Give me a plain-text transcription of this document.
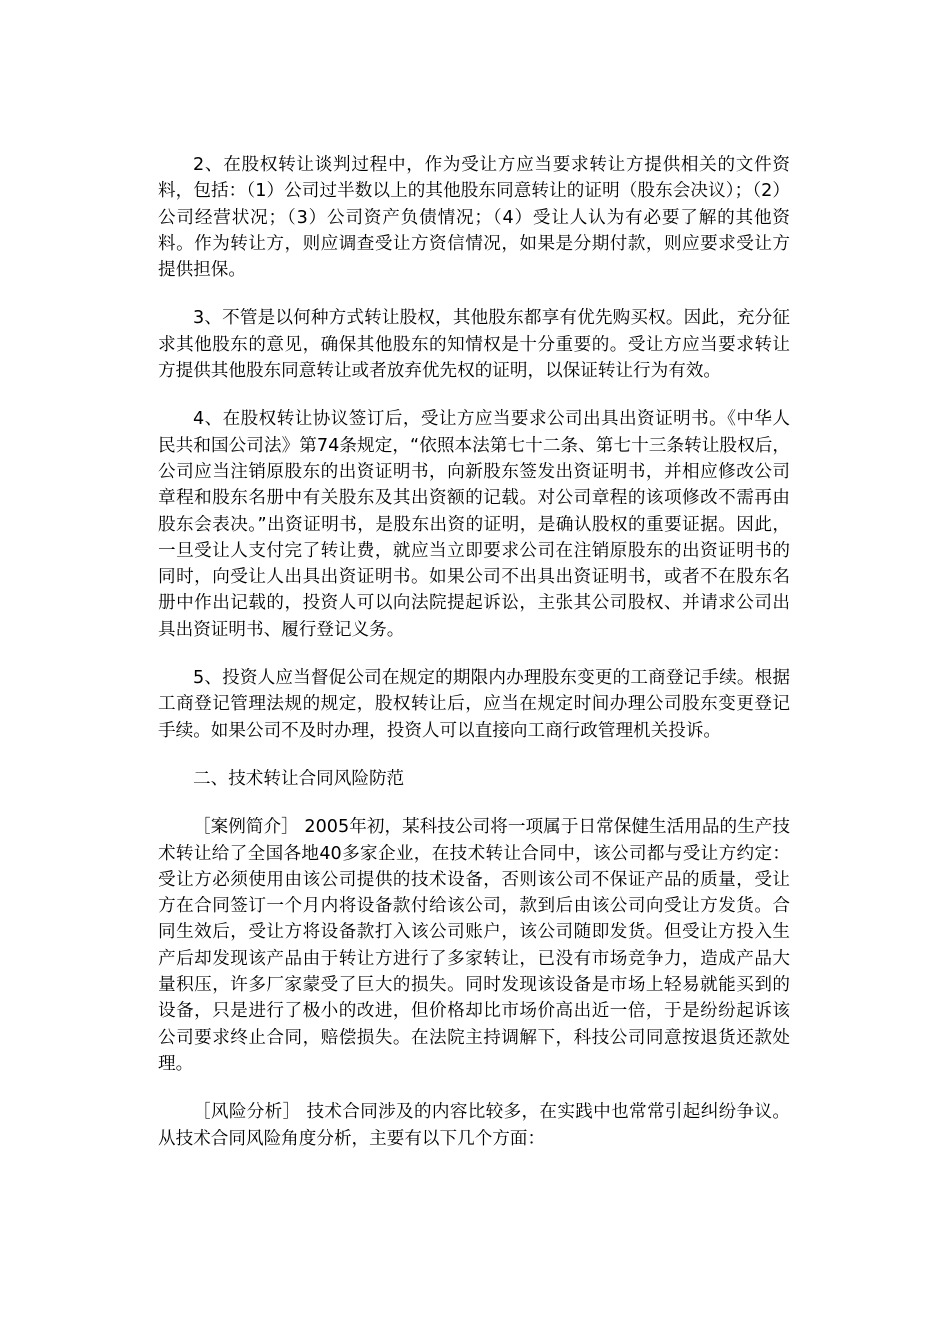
2、在股权转让谈判过程中，作为受让方应当要求转让方提供相关的文件资料，包括：（1）公司过半数以上的其他股东同意转让的证明（股东会决议）；（2）公司经营状况；（3）公司资产负债情况；（4）受让人认为有必要了解的其他资料。作为转让方，则应调查受让方资信情况，如果是分期付款，则应要求受让方提供担保。

3、不管是以何种方式转让股权，其他股东都享有优先购买权。因此，充分征求其他股东的意见，确保其他股东的知情权是十分重要的。受让方应当要求转让方提供其他股东同意转让或者放弃优先权的证明，以保证转让行为有效。

4、在股权转让协议签订后，受让方应当要求公司出具出资证明书。《中华人民共和国公司法》第74条规定，“依照本法第七十二条、第七十三条转让股权后，公司应当注销原股东的出资证明书，向新股东签发出资证明书，并相应修改公司章程和股东名册中有关股东及其出资额的记载。对公司章程的该项修改不需再由股东会表决。”出资证明书，是股东出资的证明，是确认股权的重要证据。因此，一旦受让人支付完了转让费，就应当立即要求公司在注销原股东的出资证明书的同时，向受让人出具出资证明书。如果公司不出具出资证明书，或者不在股东名册中作出记载的，投资人可以向法院提起诉讼，主张其公司股权、并请求公司出具出资证明书、履行登记义务。

5、投资人应当督促公司在规定的期限内办理股东变更的工商登记手续。根据工商登记管理法规的规定，股权转让后，应当在规定时间办理公司股东变更登记手续。如果公司不及时办理，投资人可以直接向工商行政管理机关投诉。

二、技术转让合同风险防范

［案例简介］ 2005年初，某科技公司将一项属于日常保健生活用品的生产技术转让给了全国各地40多家企业，在技术转让合同中，该公司都与受让方约定：受让方必须使用由该公司提供的技术设备，否则该公司不保证产品的质量，受让方在合同签订一个月内将设备款付给该公司，款到后由该公司向受让方发货。合同生效后，受让方将设备款打入该公司账户，该公司随即发货。但受让方投入生产后却发现该产品由于转让方进行了多家转让，已没有市场竞争力，造成产品大量积压，许多厂家蒙受了巨大的损失。同时发现该设备是市场上轻易就能买到的设备，只是进行了极小的改进，但价格却比市场价高出近一倍，于是纷纷起诉该公司要求终止合同，赔偿损失。在法院主持调解下，科技公司同意按退货还款处理。

［风险分析］ 技术合同涉及的内容比较多，在实践中也常常引起纠纷争议。从技术合同风险角度分析，主要有以下几个方面：
